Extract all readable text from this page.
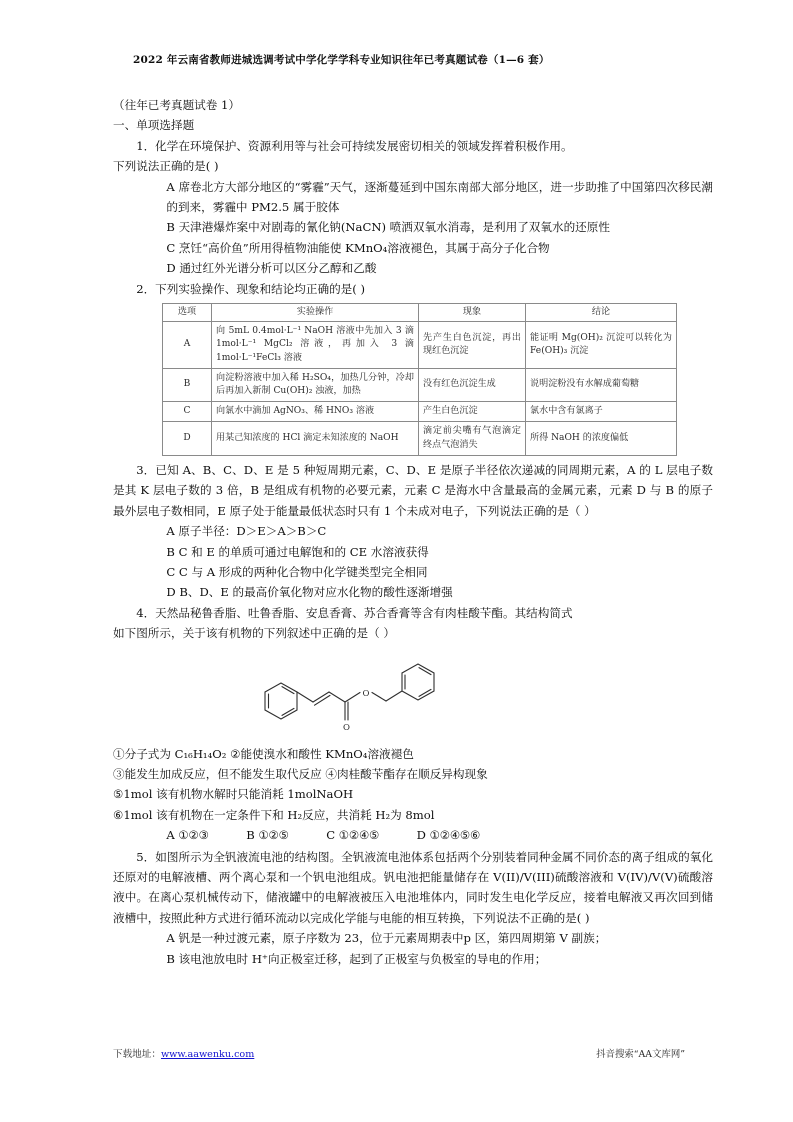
2022 年云南省教师进城选调考试中学化学学科专业知识往年已考真题试卷（1—6 套）
（往年已考真题试卷 1）
一、单项选择题
1．化学在环境保护、资源利用等与社会可持续发展密切相关的领域发挥着积极作用。
下列说法正确的是( )
A 席卷北方大部分地区的“雾霾”天气，逐渐蔓延到中国东南部大部分地区，进一步助推了中国第四次移民潮的到来，雾霾中 PM2.5 属于胶体
B 天津港爆炸案中对剧毒的氰化钠(NaCN) 喷洒双氧水消毒，是利用了双氧水的还原性
C 烹饪“高价鱼”所用得植物油能使 KMnO₄溶液褪色，其属于高分子化合物
D 通过红外光谱分析可以区分乙醇和乙酸
2．下列实验操作、现象和结论均正确的是( )
选项	实验操作	现象	结论
A	向 5mL 0.4mol·L⁻¹ NaOH 溶液中先加入 3 滴 1mol·L⁻¹ MgCl₂ 溶液，再加入 3 滴 1mol·L⁻¹FeCl₃ 溶液	先产生白色沉淀，再出现红色沉淀	能证明 Mg(OH)₂ 沉淀可以转化为 Fe(OH)₃ 沉淀
B	向淀粉溶液中加入稀 H₂SO₄，加热几分钟，冷却后再加入新制 Cu(OH)₂ 浊液，加热	没有红色沉淀生成	说明淀粉没有水解成葡萄糖
C	向氯水中滴加 AgNO₃、稀 HNO₃ 溶液	产生白色沉淀	氯水中含有氯离子
D	用某己知浓度的 HCl 滴定未知浓度的 NaOH	滴定前尖嘴有气泡滴定终点气泡消失	所得 NaOH 的浓度偏低
3．已知 A、B、C、D、E 是 5 种短周期元素，C、D、E 是原子半径依次递减的同周期元素，A 的 L 层电子数是其 K 层电子数的 3 倍，B 是组成有机物的必要元素，元素 C 是海水中含量最高的金属元素，元素 D 与 B 的原子最外层电子数相同，E 原子处于能量最低状态时只有 1 个未成对电子，下列说法正确的是（ ）
A 原子半径：D＞E＞A＞B＞C
B C 和 E 的单质可通过电解饱和的 CE 水溶液获得
C C 与 A 形成的两种化合物中化学键类型完全相同
D B、D、E 的最高价氧化物对应水化物的酸性逐渐增强
4．天然品秘鲁香脂、吐鲁香脂、安息香膏、苏合香膏等含有肉桂酸苄酯。其结构简式
如下图所示，关于该有机物的下列叙述中正确的是（ ）
O
O
①分子式为 C₁₆H₁₄O₂ ②能使溴水和酸性 KMnO₄溶液褪色
③能发生加成反应，但不能发生取代反应 ④肉桂酸苄酯存在顺反异构现象
⑤1mol 该有机物水解时只能消耗 1molNaOH
⑥1mol 该有机物在一定条件下和 H₂反应，共消耗 H₂为 8mol
A ①②③	B ①②⑤	C ①②④⑤	D ①②④⑤⑥
5．如图所示为全钒液流电池的结构图。全钒液流电池体系包括两个分别装着同种金属不同价态的离子组成的氧化还原对的电解液槽、两个离心泵和一个钒电池组成。钒电池把能量储存在 V(II)/V(III)硫酸溶液和 V(IV)/V(V)硫酸溶液中。在离心泵机械传动下，储液罐中的电解液被压入电池堆体内，同时发生电化学反应，接着电解液又再次回到储液槽中，按照此种方式进行循环流动以完成化学能与电能的相互转换，下列说法不正确的是( )
A 钒是一种过渡元素，原子序数为 23，位于元素周期表中p 区，第四周期第 V 副族；
B 该电池放电时 H⁺向正极室迁移，起到了正极室与负极室的导电的作用；
下载地址：www.aawenku.com	抖音搜索“AA文库网”
